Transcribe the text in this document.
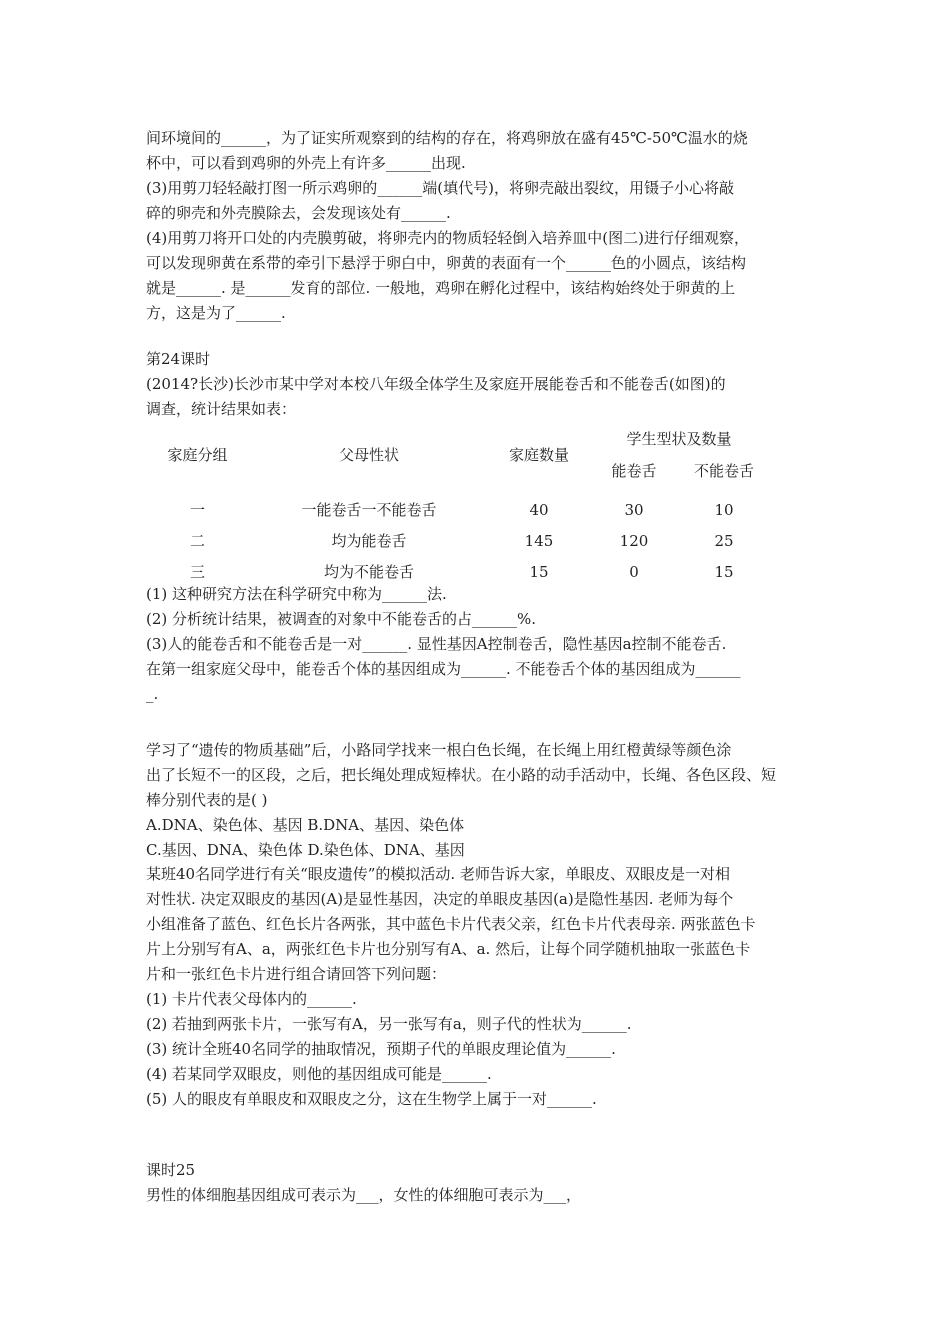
间环境间的______，为了证实所观察到的结构的存在，将鸡卵放在盛有45℃-50℃温水的烧
杯中，可以看到鸡卵的外壳上有许多______出现.
(3)用剪刀轻轻敲打图一所示鸡卵的______端(填代号)，将卵壳敲出裂纹，用镊子小心将敲
碎的卵壳和外壳膜除去，会发现该处有______.
(4)用剪刀将开口处的内壳膜剪破，将卵壳内的物质轻轻倒入培养皿中(图二)进行仔细观察，
可以发现卵黄在系带的牵引下悬浮于卵白中，卵黄的表面有一个______色的小圆点，该结构
就是______. 是______发育的部位. 一般地，鸡卵在孵化过程中，该结构始终处于卵黄的上
方，这是为了______.
第24课时
(2014?长沙)长沙市某中学对本校八年级全体学生及家庭开展能卷舌和不能卷舌(如图)的
调查，统计结果如表：
家庭分组	父母性状	家庭数量	学生型状及数量		
			能卷舌	不能卷舌	

一	一能卷舌一不能卷舌	40	30	10	
二	均为能卷舌	145	120	25	
三	均为不能卷舌	15	0	15	
(1) 这种研究方法在科学研究中称为______法.
(2) 分析统计结果，被调查的对象中不能卷舌的占______%.
(3)人的能卷舌和不能卷舌是一对______. 显性基因A控制卷舌，隐性基因a控制不能卷舌.
在第一组家庭父母中，能卷舌个体的基因组成为______. 不能卷舌个体的基因组成为______
_.
学习了“遗传的物质基础”后，小路同学找来一根白色长绳，在长绳上用红橙黄绿等颜色涂
出了长短不一的区段，之后，把长绳处理成短棒状。在小路的动手活动中，长绳、各色区段、短
棒分别代表的是( )
A.DNA、染色体、基因 B.DNA、基因、染色体
C.基因、DNA、染色体 D.染色体、DNA、基因
某班40名同学进行有关“眼皮遗传”的模拟活动. 老师告诉大家，单眼皮、双眼皮是一对相
对性状. 决定双眼皮的基因(A)是显性基因，决定的单眼皮基因(a)是隐性基因. 老师为每个
小组准备了蓝色、红色长片各两张，其中蓝色卡片代表父亲，红色卡片代表母亲. 两张蓝色卡
片上分别写有A、a，两张红色卡片也分别写有A、a. 然后，让每个同学随机抽取一张蓝色卡
片和一张红色卡片进行组合请回答下列问题：
(1) 卡片代表父母体内的______.
(2) 若抽到两张卡片，一张写有A，另一张写有a，则子代的性状为______.
(3) 统计全班40名同学的抽取情况，预期子代的单眼皮理论值为______.
(4) 若某同学双眼皮，则他的基因组成可能是______.
(5) 人的眼皮有单眼皮和双眼皮之分，这在生物学上属于一对______.
课时25
男性的体细胞基因组成可表示为___，女性的体细胞可表示为___，
